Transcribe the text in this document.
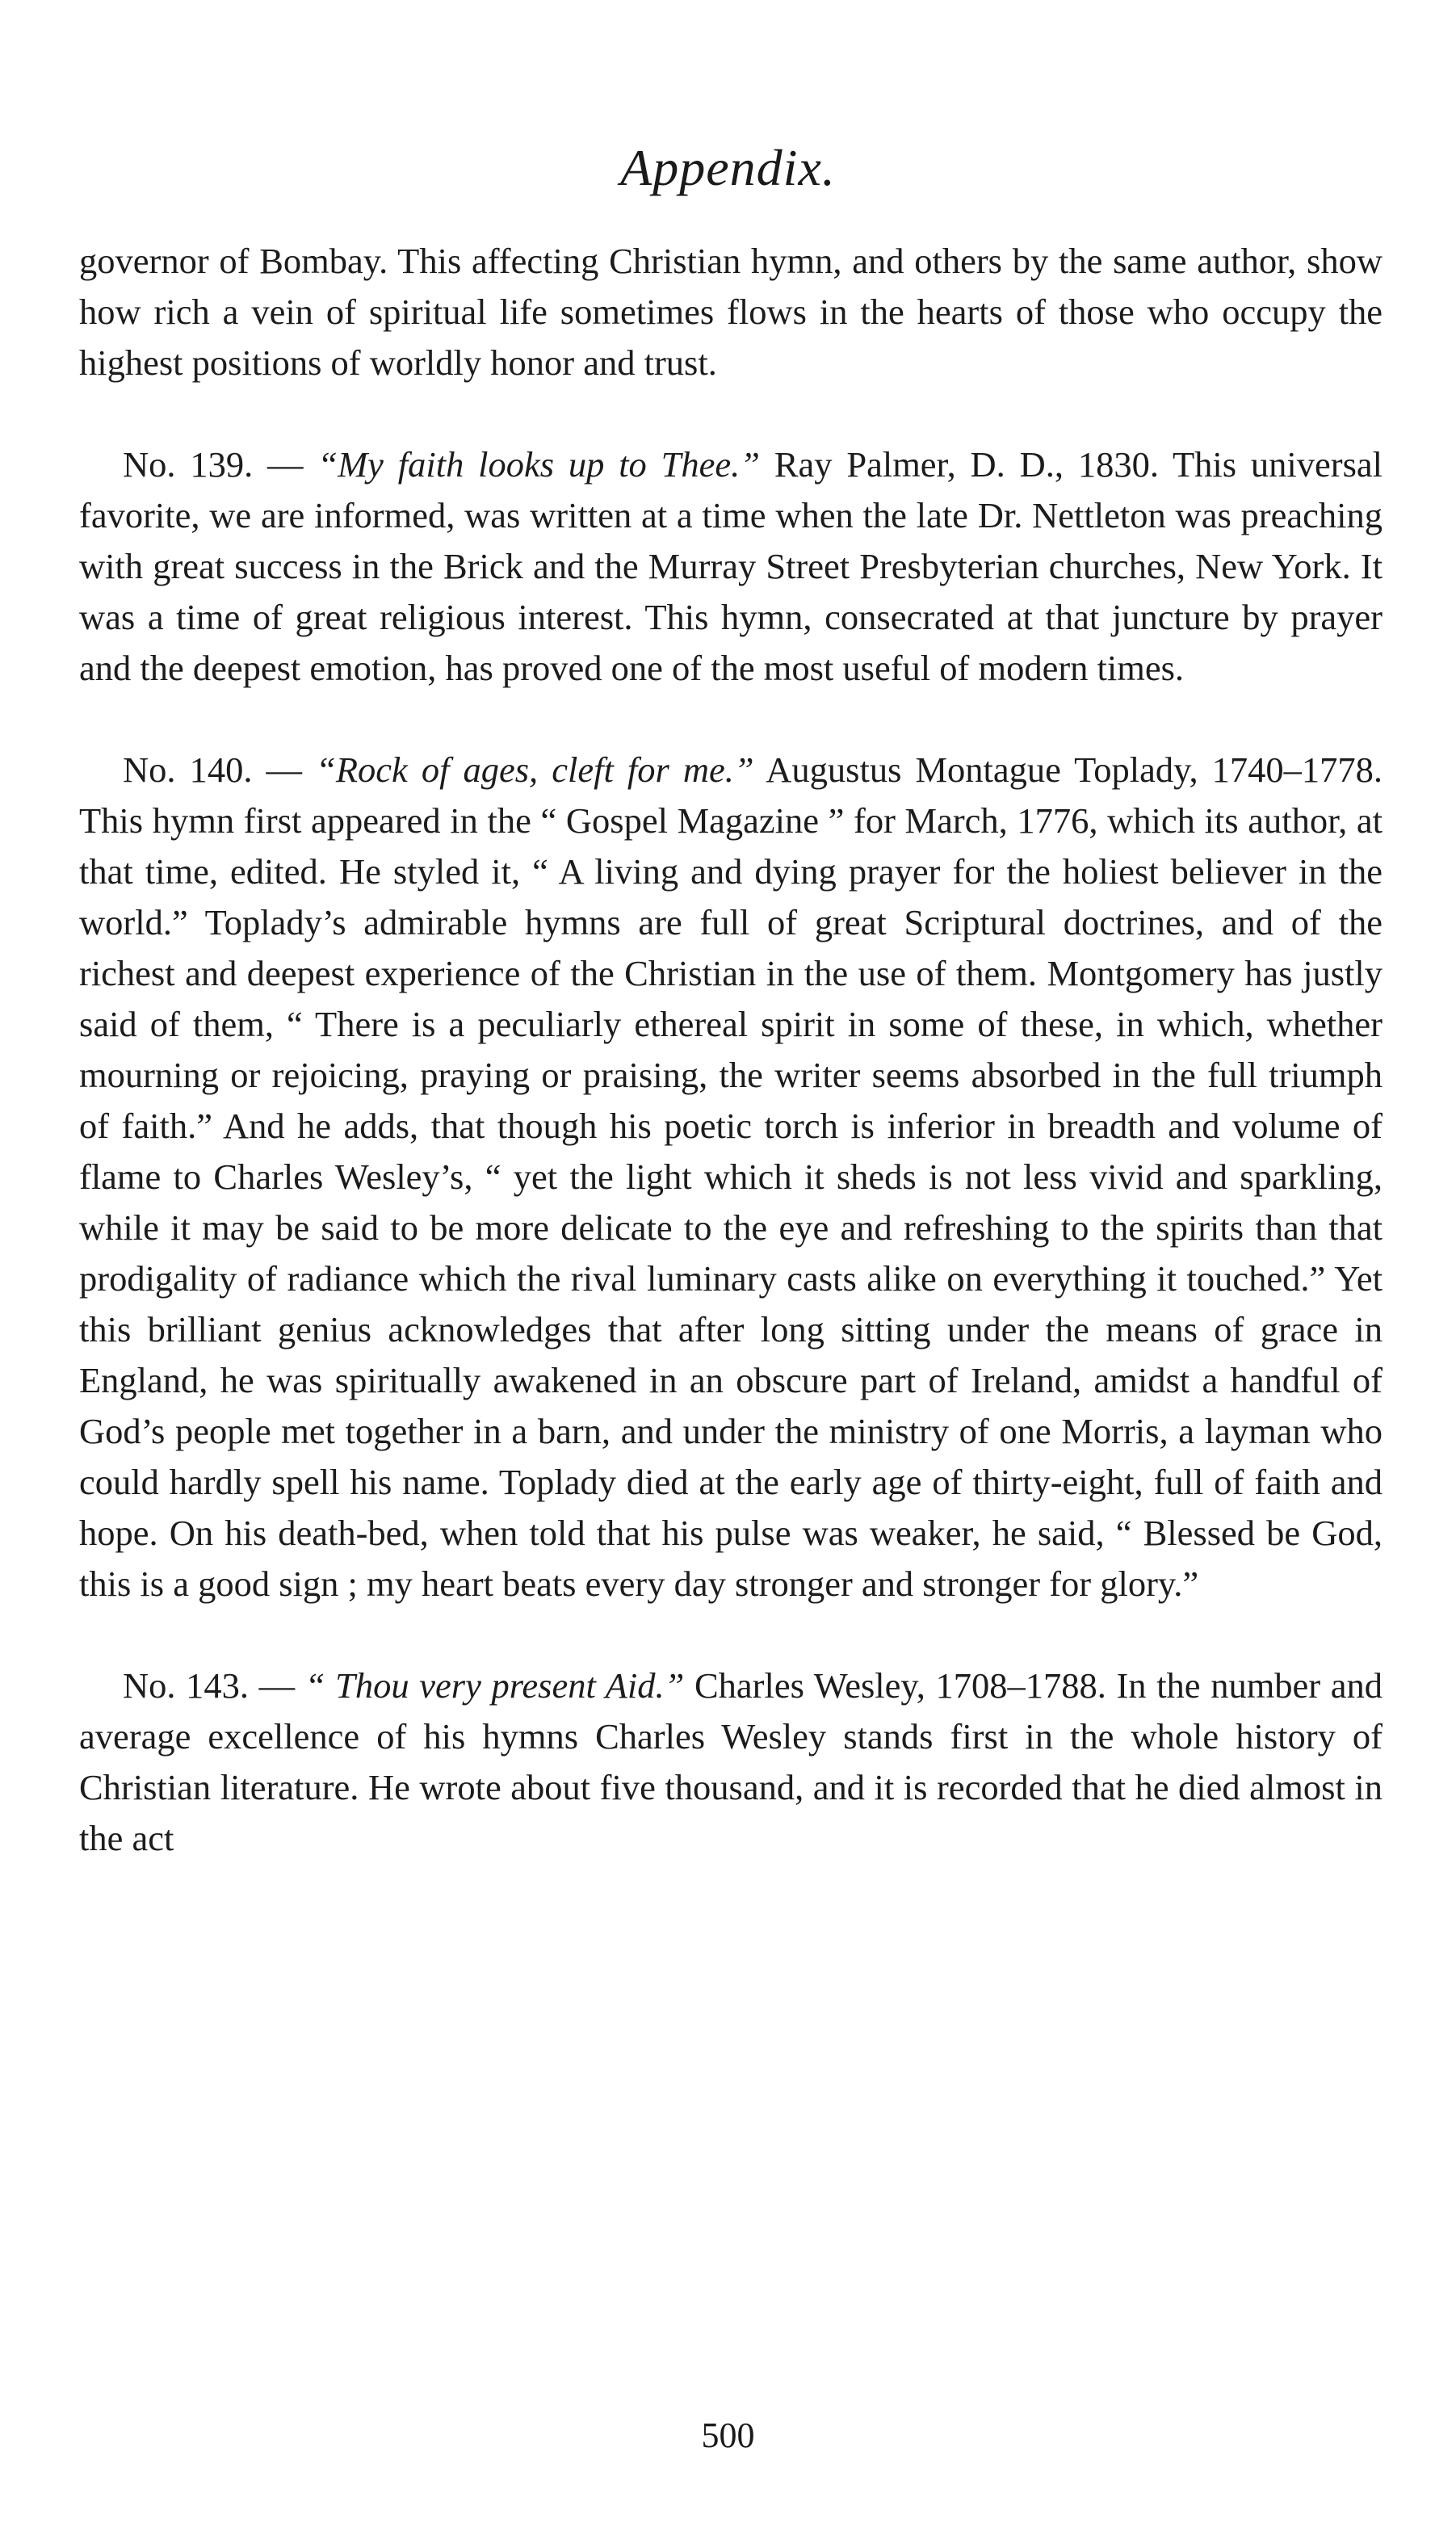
Appendix.

governor of Bombay. This affecting Christian hymn, and others by the same author, show how rich a vein of spiritual life sometimes flows in the hearts of those who occupy the highest positions of worldly honor and trust.

No. 139. — “My faith looks up to Thee.” Ray Palmer, D. D., 1830. This universal favorite, we are informed, was written at a time when the late Dr. Nettleton was preaching with great success in the Brick and the Murray Street Presbyterian churches, New York. It was a time of great religious interest. This hymn, consecrated at that juncture by prayer and the deepest emotion, has proved one of the most useful of modern times.

No. 140. — “Rock of ages, cleft for me.” Augustus Montague Toplady, 1740–1778. This hymn first appeared in the “ Gospel Magazine ” for March, 1776, which its author, at that time, edited. He styled it, “ A living and dying prayer for the holiest believer in the world.” Toplady’s admirable hymns are full of great Scriptural doctrines, and of the richest and deepest experience of the Christian in the use of them. Montgomery has justly said of them, “ There is a peculiarly ethereal spirit in some of these, in which, whether mourning or rejoicing, praying or praising, the writer seems absorbed in the full triumph of faith.” And he adds, that though his poetic torch is inferior in breadth and volume of flame to Charles Wesley’s, “ yet the light which it sheds is not less vivid and sparkling, while it may be said to be more delicate to the eye and refreshing to the spirits than that prodigality of radiance which the rival luminary casts alike on everything it touched.” Yet this brilliant genius acknowledges that after long sitting under the means of grace in England, he was spiritually awakened in an obscure part of Ireland, amidst a handful of God’s people met together in a barn, and under the ministry of one Morris, a layman who could hardly spell his name. Toplady died at the early age of thirty-eight, full of faith and hope. On his death-bed, when told that his pulse was weaker, he said, “ Blessed be God, this is a good sign ; my heart beats every day stronger and stronger for glory.”

No. 143. — “ Thou very present Aid.” Charles Wesley, 1708–1788. In the number and average excellence of his hymns Charles Wesley stands first in the whole history of Christian literature. He wrote about five thousand, and it is recorded that he died almost in the act

500
